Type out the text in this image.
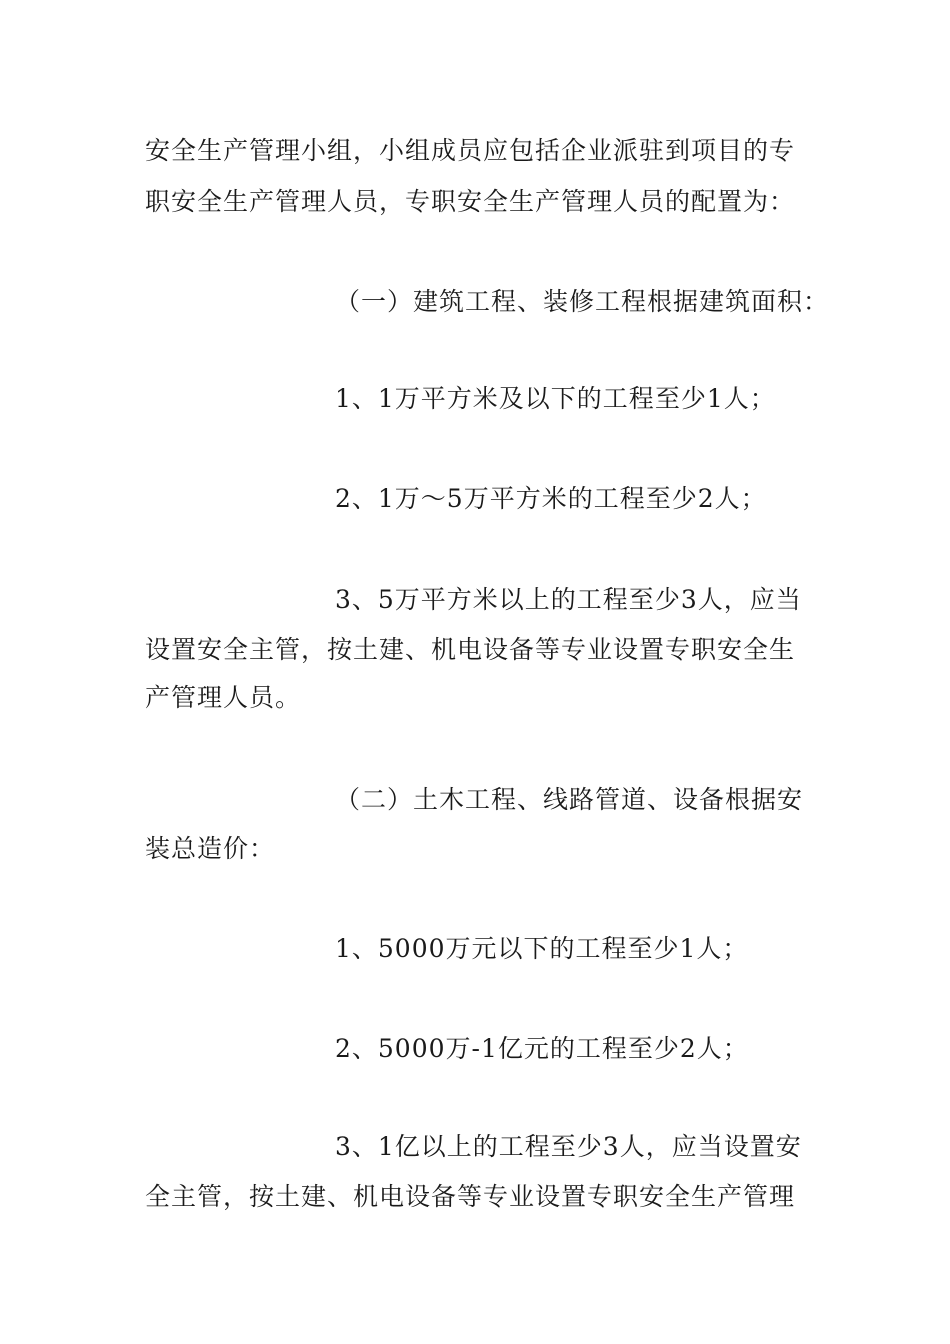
安全生产管理小组，小组成员应包括企业派驻到项目的专
职安全生产管理人员，专职安全生产管理人员的配置为：
（一）建筑工程、装修工程根据建筑面积：
1、1万平方米及以下的工程至少1人；
2、1万～5万平方米的工程至少2人；
3、5万平方米以上的工程至少3人，应当
设置安全主管，按土建、机电设备等专业设置专职安全生
产管理人员。
（二）土木工程、线路管道、设备根据安
装总造价：
1、5000万元以下的工程至少1人；
2、5000万-1亿元的工程至少2人；
3、1亿以上的工程至少3人，应当设置安
全主管，按土建、机电设备等专业设置专职安全生产管理
